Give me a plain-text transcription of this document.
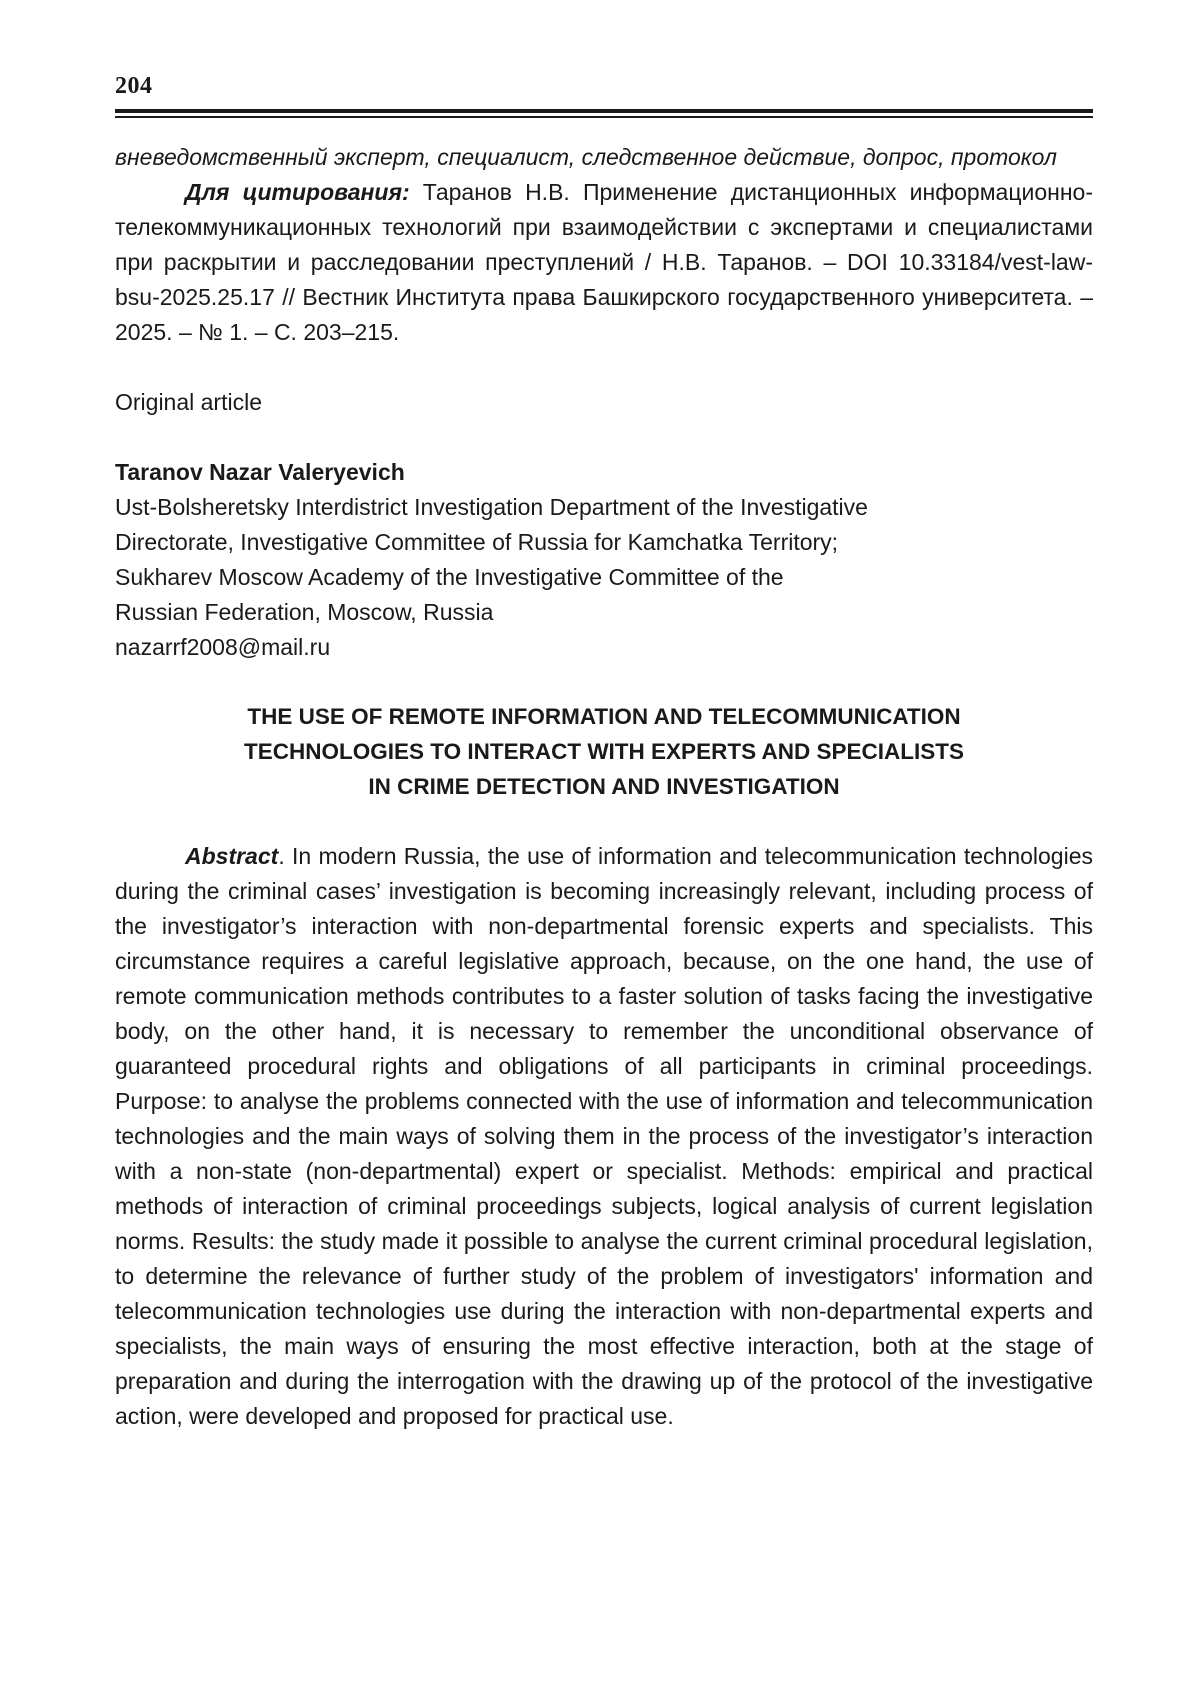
204

вневедомственный эксперт, специалист, следственное действие, допрос, протокол

Для цитирования: Таранов Н.В. Применение дистанционных информационно-телекоммуникационных технологий при взаимодействии с экспертами и специалистами при раскрытии и расследовании преступлений / Н.В. Таранов. – DOI 10.33184/vest-law-bsu-2025.25.17 // Вестник Института права Башкирского государственного университета. – 2025. – № 1. – С. 203–215.

Original article

Taranov Nazar Valeryevich

Ust-Bolsheretsky Interdistrict Investigation Department of the Investigative

Directorate, Investigative Committee of Russia for Kamchatka Territory;

Sukharev Moscow Academy of the Investigative Committee of the

Russian Federation, Moscow, Russia

nazarrf2008@mail.ru

THE USE OF REMOTE INFORMATION AND TELECOMMUNICATION
TECHNOLOGIES TO INTERACT WITH EXPERTS AND SPECIALISTS
IN CRIME DETECTION AND INVESTIGATION

Abstract. In modern Russia, the use of information and telecommunication technologies during the criminal cases’ investigation is becoming increasingly relevant, including process of the investigator’s interaction with non-departmental forensic experts and specialists. This circumstance requires a careful legislative approach, because, on the one hand, the use of remote communication methods contributes to a faster solution of tasks facing the investigative body, on the other hand, it is necessary to remember the unconditional observance of guaranteed procedural rights and obligations of all participants in criminal proceedings. Purpose: to analyse the problems connected with the use of information and telecommunication technologies and the main ways of solving them in the process of the investigator’s interaction with a non-state (non-departmental) expert or specialist. Methods: empirical and practical methods of interaction of criminal proceedings subjects, logical analysis of current legislation norms. Results: the study made it possible to analyse the current criminal procedural legislation, to determine the relevance of further study of the problem of investigators' information and telecommunication technologies use during the interaction with non-departmental experts and specialists, the main ways of ensuring the most effective interaction, both at the stage of preparation and during the interrogation with the drawing up of the protocol of the investigative action, were developed and proposed for practical use.
